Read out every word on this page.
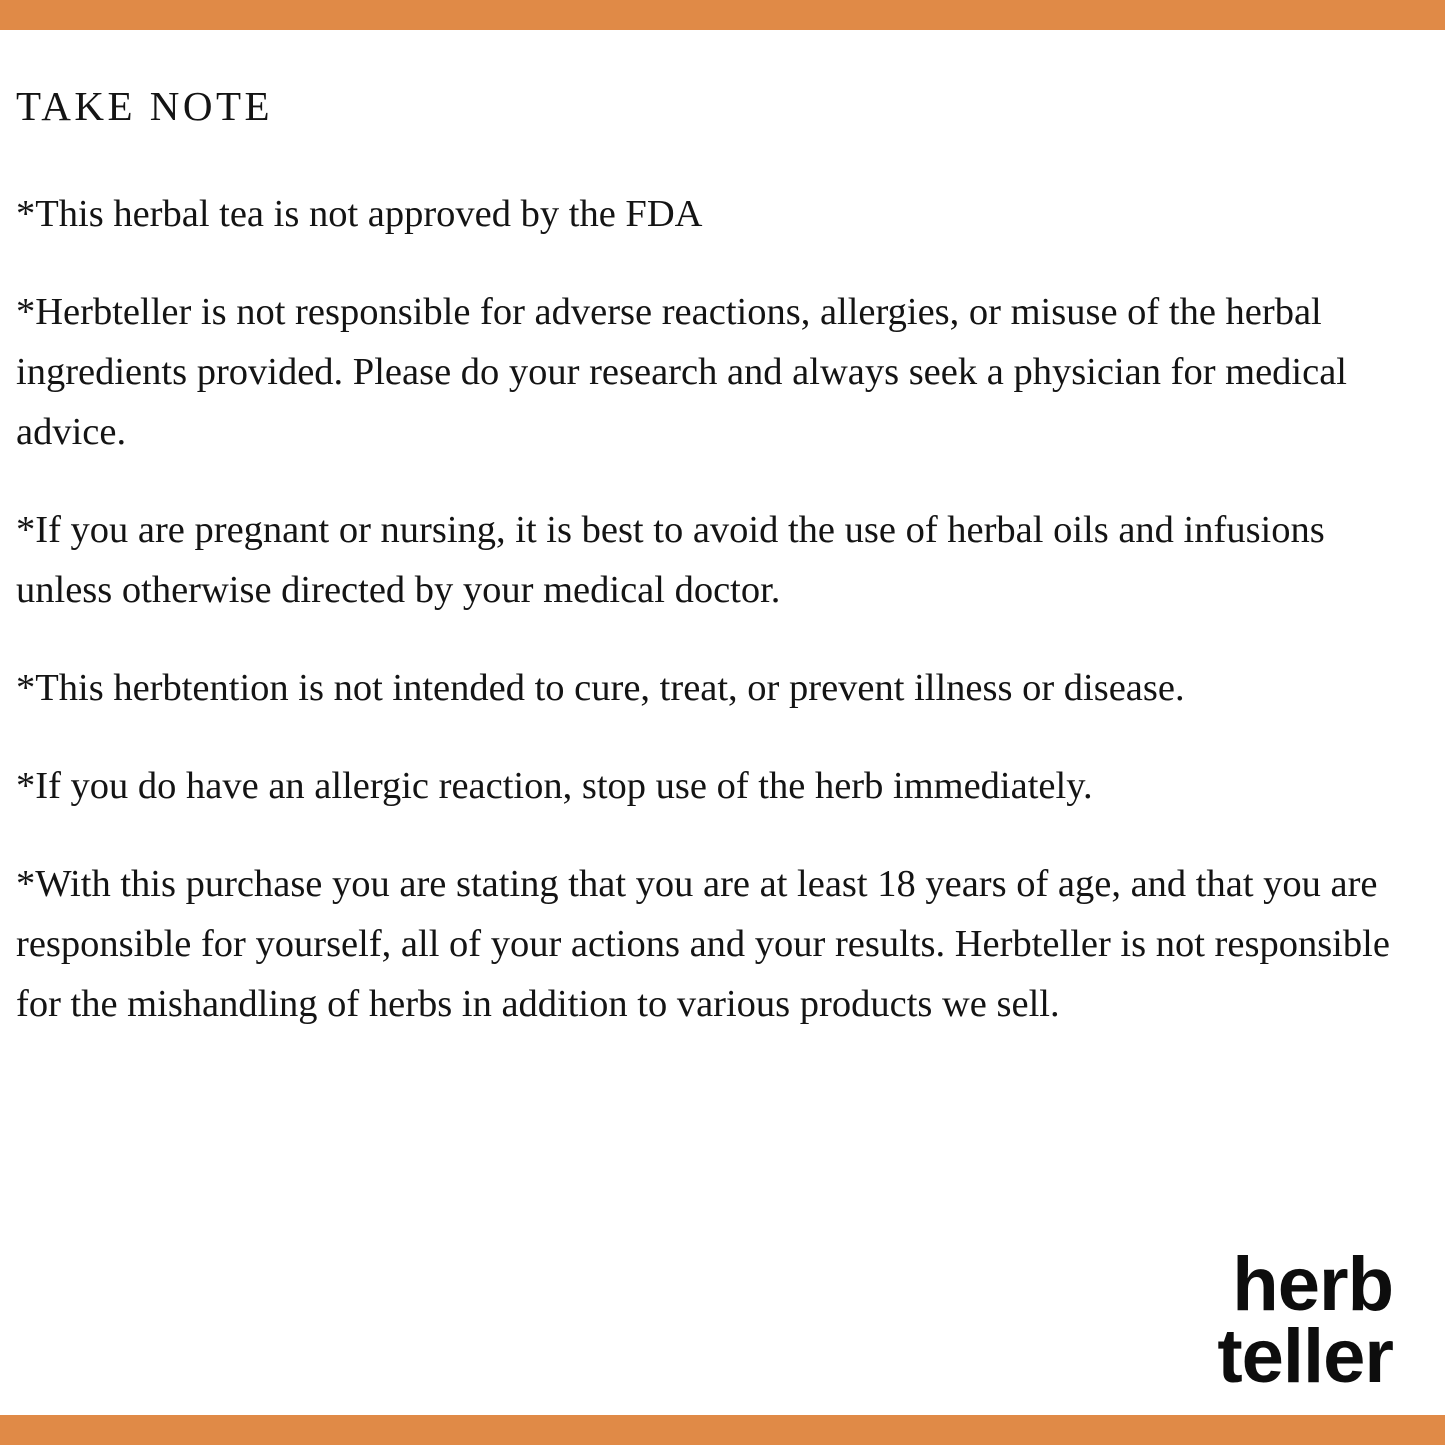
TAKE NOTE

*This herbal tea is not approved by the FDA

*Herbteller is not responsible for adverse reactions, allergies, or misuse of the herbal ingredients provided. Please do your research and always seek a physician for medical advice.

*If you are pregnant or nursing, it is best to avoid the use of herbal oils and infusions unless otherwise directed by your medical doctor.

*This herbtention is not intended to cure, treat, or prevent illness or disease.

*If you do have an allergic reaction, stop use of the herb immediately.

*With this purchase you are stating that you are at least 18 years of age, and that you are responsible for yourself, all of your actions and your results. Herbteller is not responsible for the mishandling of herbs in addition to various products we sell.

herb
teller
